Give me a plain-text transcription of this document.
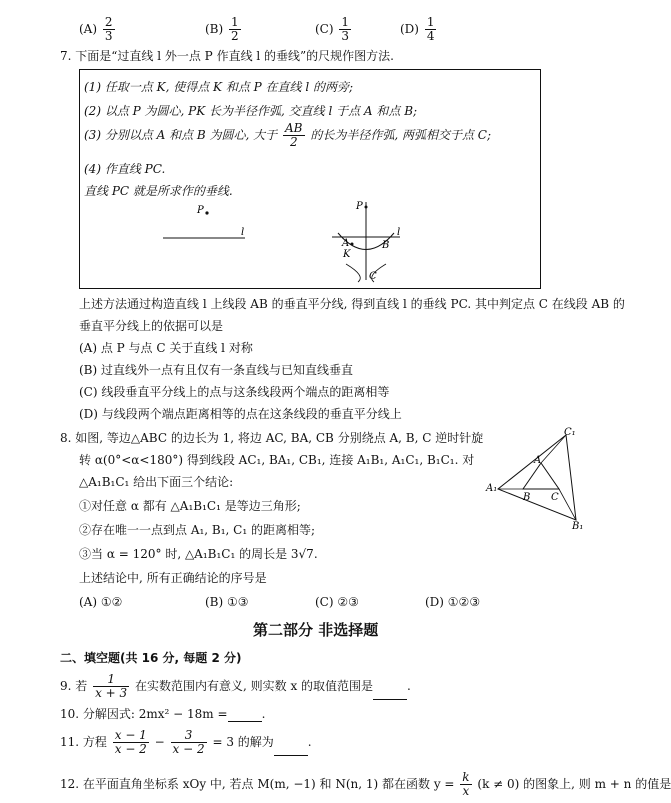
$(A) \frac{2}{3}$	$(B) \frac{1}{2}$	$(C) \frac{1}{3}$	$(D) \frac{1}{4}$
7. 下面是“过直线 l 外一点 P 作直线 l 的垂线”的尺规作图方法.
(1) 任取一点 K, 使得点 K 和点 P 在直线 l 的两旁;
(2) 以点 P 为圆心, PK 长为半径作弧, 交直线 l 于点 A 和点 B;
(3) 分别以点 A 和点 B 为圆心, 大于 $\frac{AB}{2}$ 的长为半径作弧, 两弧相交于点 C;
(4) 作直线 PC.
直线 PC 就是所求作的垂线.
P
l
P
l
A	B
K
C
上述方法通过构造直线 l 上线段 AB 的垂直平分线, 得到直线 l 的垂线 PC. 其中判定点 C 在线段 AB 的
垂直平分线上的依据可以是
(A) 点 P 与点 C 关于直线 l 对称
(B) 过直线外一点有且仅有一条直线与已知直线垂直
(C) 线段垂直平分线上的点与这条线段两个端点的距离相等
(D) 与线段两个端点距离相等的点在这条线段的垂直平分线上
8. 如图, 等边△ABC 的边长为 1, 将边 AC, BA, CB 分别绕点 A, B, C 逆时针旋
转 α(0°<α<180°) 得到线段 AC₁, BA₁, CB₁, 连接 A₁B₁, A₁C₁, B₁C₁. 对
△A₁B₁C₁ 给出下面三个结论:
①对任意 α 都有 △A₁B₁C₁ 是等边三角形;
②存在唯一一点到点 A₁, B₁, C₁ 的距离相等;
③当 α = 120° 时, △A₁B₁C₁ 的周长是 3√7.
上述结论中, 所有正确结论的序号是
(A) ①②	(B) ①③	(C) ②③	(D) ①②③
C₁
A
A₁
B C
B₁
第二部分 非选择题
二、填空题(共 16 分, 每题 2 分)
9. 若 $\frac{1}{x + 3}$ 在实数范围内有意义, 则实数 x 的取值范围是	.
10. 分解因式: 2mx² − 18m =	.
11. 方程 $\frac{x - 1}{x - 2} - \frac{3}{x - 2} = 3$ 的解为	.
12. 在平面直角坐标系 xOy 中, 若点 M(m, −1) 和 N(n, 1) 都在函数 $y = \frac{k}{x} (k \ne 0)$ 的图象上, 则 m + n 的值是
